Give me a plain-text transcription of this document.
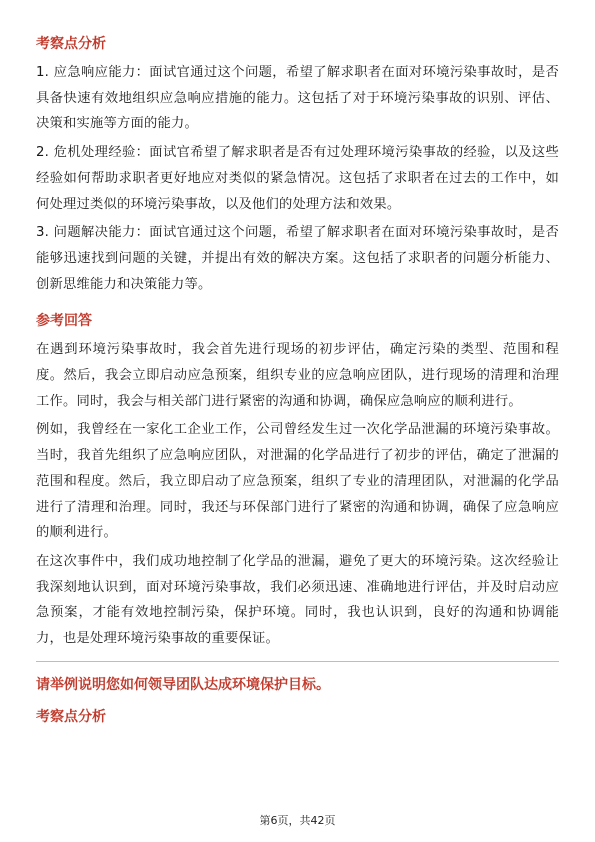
考察点分析

1. 应急响应能力：面试官通过这个问题，希望了解求职者在面对环境污染事故时，是否具备快速有效地组织应急响应措施的能力。这包括了对于环境污染事故的识别、评估、决策和实施等方面的能力。

2. 危机处理经验：面试官希望了解求职者是否有过处理环境污染事故的经验，以及这些经验如何帮助求职者更好地应对类似的紧急情况。这包括了求职者在过去的工作中，如何处理过类似的环境污染事故，以及他们的处理方法和效果。

3. 问题解决能力：面试官通过这个问题，希望了解求职者在面对环境污染事故时，是否能够迅速找到问题的关键，并提出有效的解决方案。这包括了求职者的问题分析能力、创新思维能力和决策能力等。

参考回答

在遇到环境污染事故时，我会首先进行现场的初步评估，确定污染的类型、范围和程度。然后，我会立即启动应急预案，组织专业的应急响应团队，进行现场的清理和治理工作。同时，我会与相关部门进行紧密的沟通和协调，确保应急响应的顺利进行。

例如，我曾经在一家化工企业工作，公司曾经发生过一次化学品泄漏的环境污染事故。当时，我首先组织了应急响应团队，对泄漏的化学品进行了初步的评估，确定了泄漏的范围和程度。然后，我立即启动了应急预案，组织了专业的清理团队，对泄漏的化学品进行了清理和治理。同时，我还与环保部门进行了紧密的沟通和协调，确保了应急响应的顺利进行。

在这次事件中，我们成功地控制了化学品的泄漏，避免了更大的环境污染。这次经验让我深刻地认识到，面对环境污染事故，我们必须迅速、准确地进行评估，并及时启动应急预案，才能有效地控制污染，保护环境。同时，我也认识到，良好的沟通和协调能力，也是处理环境污染事故的重要保证。

请举例说明您如何领导团队达成环境保护目标。
考察点分析
第6页，共42页
